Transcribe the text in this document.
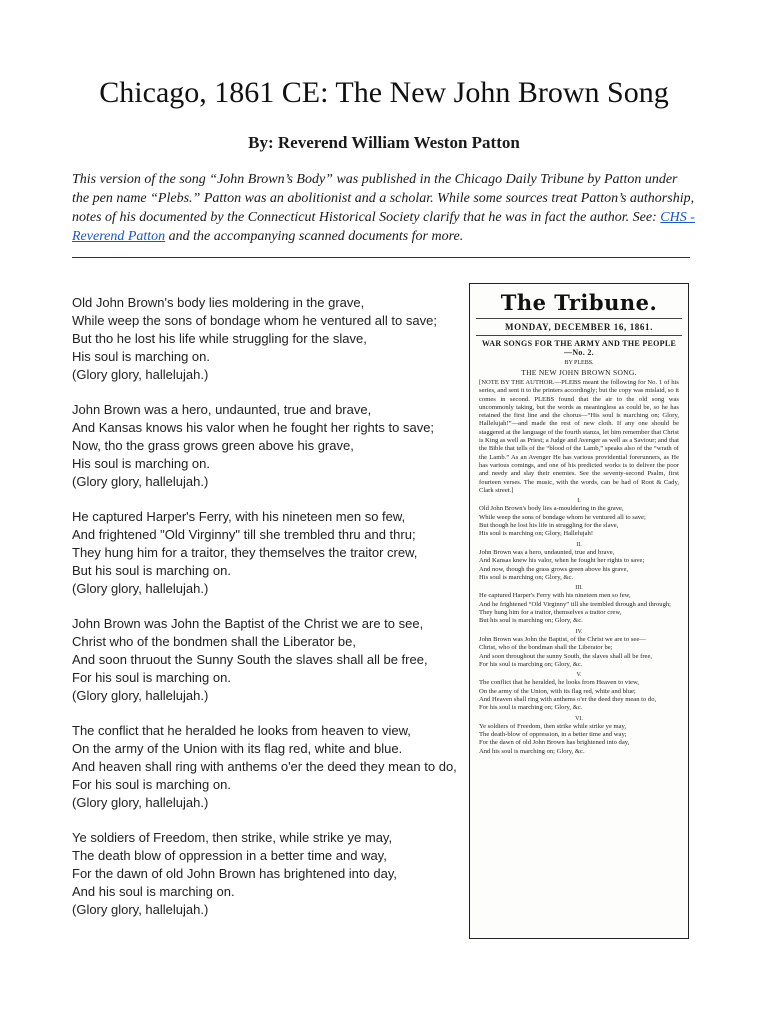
Chicago, 1861 CE: The New John Brown Song

By: Reverend William Weston Patton

This version of the song “John Brown’s Body” was published in the Chicago Daily Tribune by Patton under the pen name “Plebs.” Patton was an abolitionist and a scholar. While some sources treat Patton’s authorship, notes of his documented by the Connecticut Historical Society clarify that he was in fact the author. See: CHS - Reverend Patton and the accompanying scanned documents for more.

Old John Brown's body lies moldering in the grave,
While weep the sons of bondage whom he ventured all to save;
But tho he lost his life while struggling for the slave,
His soul is marching on.
(Glory glory, hallelujah.)
John Brown was a hero, undaunted, true and brave,
And Kansas knows his valor when he fought her rights to save;
Now, tho the grass grows green above his grave,
His soul is marching on.
(Glory glory, hallelujah.)
He captured Harper's Ferry, with his nineteen men so few,
And frightened "Old Virginny" till she trembled thru and thru;
They hung him for a traitor, they themselves the traitor crew,
But his soul is marching on.
(Glory glory, hallelujah.)
John Brown was John the Baptist of the Christ we are to see,
Christ who of the bondmen shall the Liberator be,
And soon thruout the Sunny South the slaves shall all be free,
For his soul is marching on.
(Glory glory, hallelujah.)
The conflict that he heralded he looks from heaven to view,
On the army of the Union with its flag red, white and blue.
And heaven shall ring with anthems o'er the deed they mean to do,
For his soul is marching on.
(Glory glory, hallelujah.)
Ye soldiers of Freedom, then strike, while strike ye may,
The death blow of oppression in a better time and way,
For the dawn of old John Brown has brightened into day,
And his soul is marching on.
(Glory glory, hallelujah.)
The Tribune.
MONDAY, DECEMBER 16, 1861.
WAR SONGS FOR THE ARMY AND THE PEOPLE—No. 2.
BY PLEBS.
THE NEW JOHN BROWN SONG.
[NOTE BY THE AUTHOR.—PLEBS meant the following for No. 1 of his series, and sent it to the printers accordingly; but the copy was mislaid, so it comes in second. PLEBS found that the air to the old song was uncommonly taking, but the words as meaningless as could be, so he has retained the first line and the chorus—“His soul is marching on; Glory, Hallelujah!”—and made the rest of new cloth. If any one should be staggered at the language of the fourth stanza, let him remember that Christ is King as well as Priest; a Judge and Avenger as well as a Saviour; and that the Bible that tells of the “blood of the Lamb,” speaks also of the “wrath of the Lamb.” As an Avenger He has various providential forerunners, as He has various comings, and one of his predicted works is to deliver the poor and needy and slay their enemies. See the seventy-second Psalm, first fourteen verses. The music, with the words, can be had of Root & Cady, Clark street.]
I.
Old John Brown's body lies a-mouldering in the grave,
While weep the sons of bondage whom he ventured all to save;
But though he lost his life in struggling for the slave,
His soul is marching on; Glory, Hallelujah!
II.
John Brown was a hero, undaunted, true and brave,
And Kansas knew his valor, when he fought her rights to save;
And now, though the grass grows green above his grave,
His soul is marching on; Glory, &c.
III.
He captured Harper's Ferry with his nineteen men so few,
And he frightened “Old Virginny” till she trembled through and through;
They hung him for a traitor, themselves a traitor crew,
But his soul is marching on; Glory, &c.
IV.
John Brown was John the Baptist, of the Christ we are to see—
Christ, who of the bondman shall the Liberator be;
And soon throughout the sunny South, the slaves shall all be free,
For his soul is marching on; Glory, &c.
V.
The conflict that he heralded, he looks from Heaven to view,
On the army of the Union, with its flag red, white and blue;
And Heaven shall ring with anthems o'er the deed they mean to do,
For his soul is marching on; Glory, &c.
VI.
Ye soldiers of Freedom, then strike while strike ye may,
The death-blow of oppression, in a better time and way;
For the dawn of old John Brown has brightened into day,
And his soul is marching on; Glory, &c.
